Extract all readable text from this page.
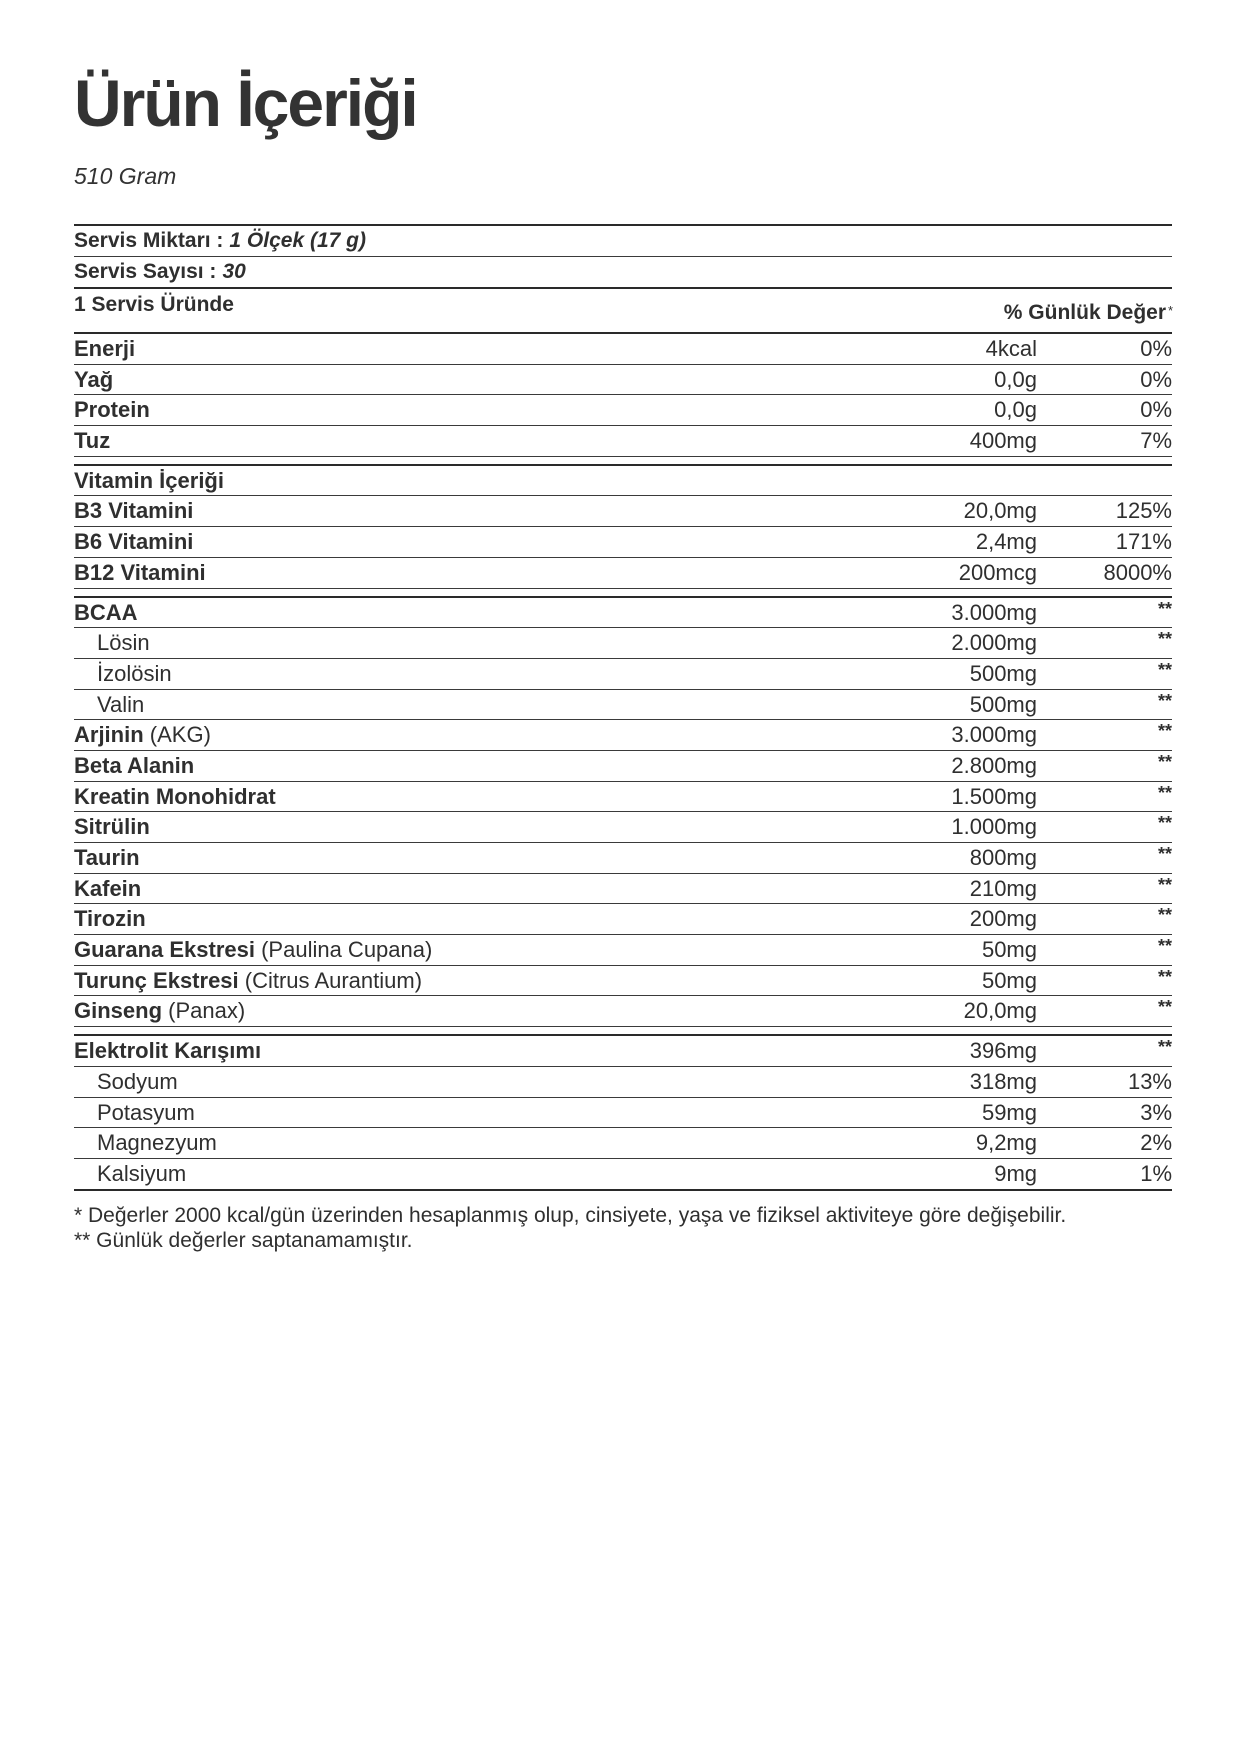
Ürün İçeriği
510 Gram
Servis Miktarı : 1 Ölçek (17 g)
Servis Sayısı : 30
1 Servis Üründe	% Günlük Değer *
Enerji	4kcal	0%
Yağ	0,0g	0%
Protein	0,0g	0%
Tuz	400mg	7%
Vitamin İçeriği
B3 Vitamini	20,0mg	125%
B6 Vitamini	2,4mg	171%
B12 Vitamini	200mcg	8000%
BCAA	3.000mg	**
Lösin	2.000mg	**
İzolösin	500mg	**
Valin	500mg	**
Arjinin (AKG)	3.000mg	**
Beta Alanin	2.800mg	**
Kreatin Monohidrat	1.500mg	**
Sitrülin	1.000mg	**
Taurin	800mg	**
Kafein	210mg	**
Tirozin	200mg	**
Guarana Ekstresi (Paulina Cupana)	50mg	**
Turunç Ekstresi (Citrus Aurantium)	50mg	**
Ginseng (Panax)	20,0mg	**
Elektrolit Karışımı	396mg	**
Sodyum	318mg	13%
Potasyum	59mg	3%
Magnezyum	9,2mg	2%
Kalsiyum	9mg	1%
* Değerler 2000 kcal/gün üzerinden hesaplanmış olup, cinsiyete, yaşa ve fiziksel aktiviteye göre değişebilir.
** Günlük değerler saptanamamıştır.
